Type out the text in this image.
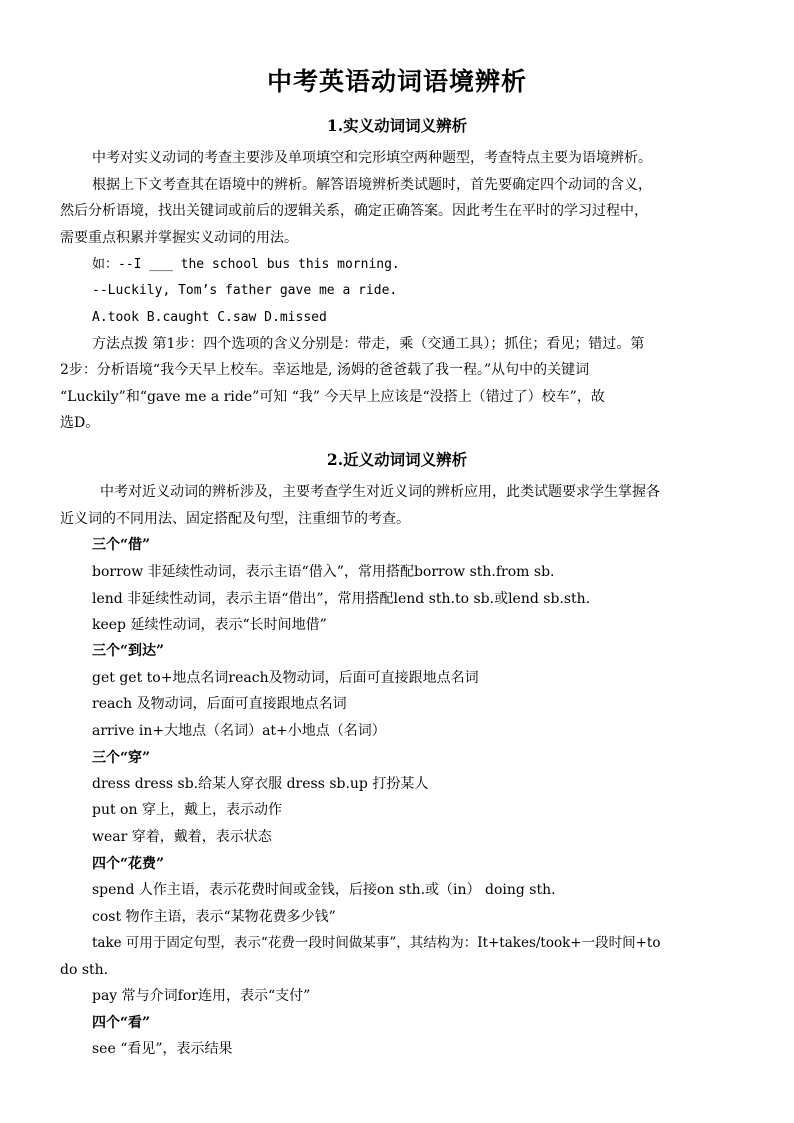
中考英语动词语境辨析
1.实义动词词义辨析
中考对实义动词的考查主要涉及单项填空和完形填空两种题型，考查特点主要为语境辨析。
根据上下文考查其在语境中的辨析。解答语境辨析类试题时，首先要确定四个动词的含义，
然后分析语境，找出关键词或前后的逻辑关系，确定正确答案。因此考生在平时的学习过程中，
需要重点积累并掌握实义动词的用法。
如：--I ___ the school bus this morning.
--Luckily, Tom’s father gave me a ride.
A.took B.caught C.saw D.missed
方法点拨 第1步：四个选项的含义分别是：带走，乘（交通工具）；抓住；看见；错过。第
2步：分析语境“我今天早上校车。幸运地是, 汤姆的爸爸载了我一程。”从句中的关键词
“Luckily”和“gave me a ride”可知 “我” 今天早上应该是“没搭上（错过了）校车”，故
选D。
2.近义动词词义辨析
中考对近义动词的辨析涉及，主要考查学生对近义词的辨析应用，此类试题要求学生掌握各
近义词的不同用法、固定搭配及句型，注重细节的考查。
三个“借”
borrow 非延续性动词，表示主语“借入”，常用搭配borrow sth.from sb.
lend 非延续性动词，表示主语“借出”，常用搭配lend sth.to sb.或lend sb.sth.
keep 延续性动词，表示“长时间地借”
三个“到达”
get get to+地点名词reach及物动词，后面可直接跟地点名词
reach 及物动词，后面可直接跟地点名词
arrive in+大地点（名词）at+小地点（名词）
三个“穿”
dress dress sb.给某人穿衣服 dress sb.up 打扮某人
put on 穿上，戴上，表示动作
wear 穿着，戴着，表示状态
四个“花费”
spend 人作主语，表示花费时间或金钱，后接on sth.或（in） doing sth.
cost 物作主语，表示“某物花费多少钱”
take 可用于固定句型，表示“花费一段时间做某事”，其结构为：It+takes/took+一段时间+to
do sth.
pay 常与介词for连用，表示“支付”
四个“看”
see “看见”，表示结果
